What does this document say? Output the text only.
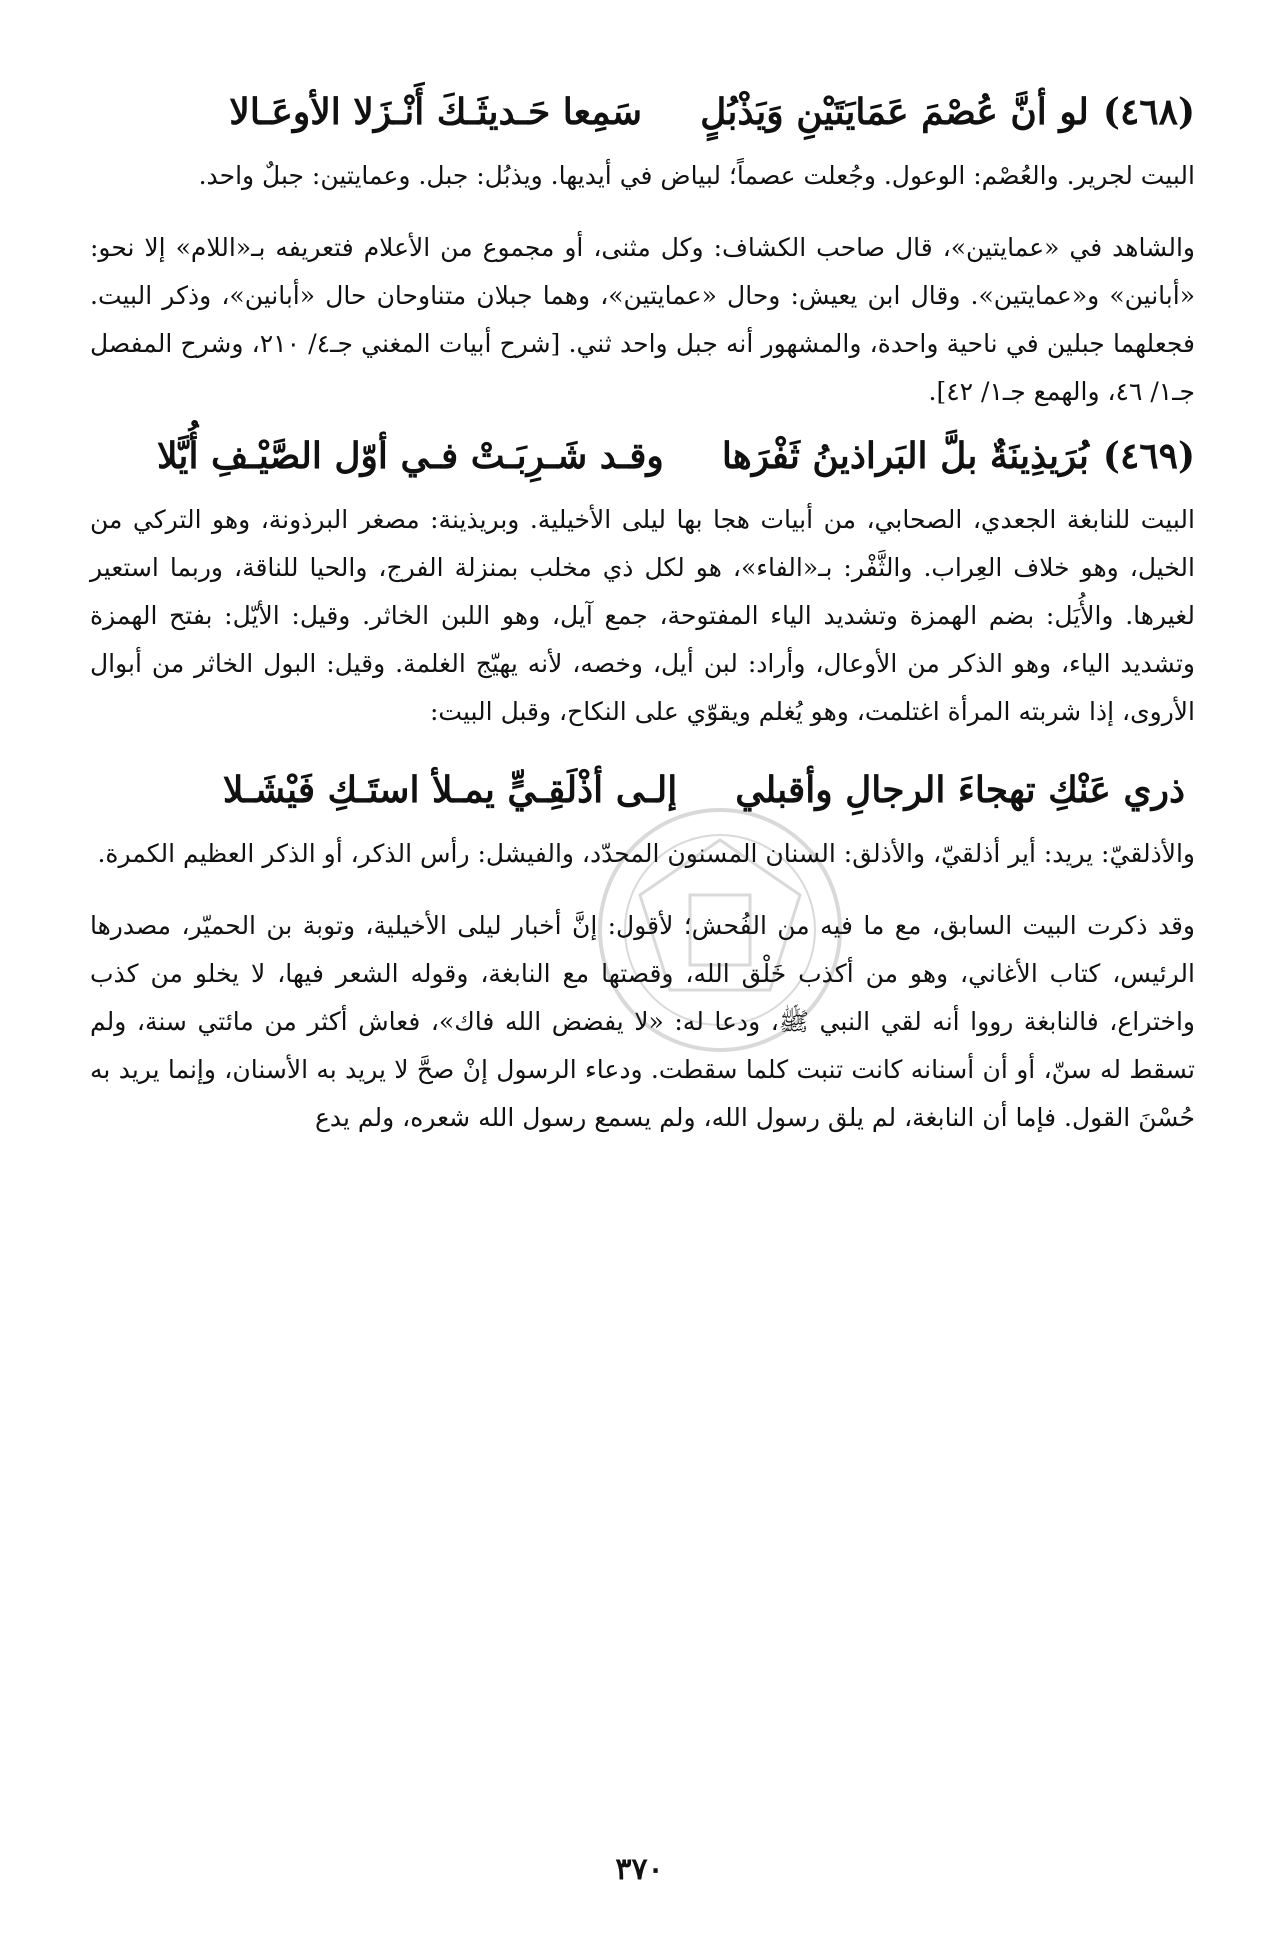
(٤٦٨)
لو أنَّ عُصْمَ عَمَايَتَيْنِ وَيَذْبُلٍ
سَمِعا حَـديثَـكَ أَنْـزَلا الأوعَـالا

البيت لجرير. والعُصْم: الوعول. وجُعلت عصماً؛ لبياض في أيديها. ويذبُل: جبل. وعمايتين: جبلٌ واحد.

والشاهد في «عمايتين»، قال صاحب الكشاف: وكل مثنى، أو مجموع من الأعلام فتعريفه بـ«اللام» إلا نحو: «أبانين» و«عمايتين». وقال ابن يعيش: وحال «عمايتين»، وهما جبلان متناوحان حال «أبانين»، وذكر البيت. فجعلهما جبلين في ناحية واحدة، والمشهور أنه جبل واحد ثني. [شرح أبيات المغني جـ٤/ ٢١٠، وشرح المفصل جـ١/ ٤٦، والهمع جـ١/ ٤٢].

(٤٦٩)
بُرَيذِينَةٌ بلَّ البَراذينُ ثَفْرَها
وقـد شَـرِبَـتْ فـي أوّل الصَّيْـفِ أُيَّلا

البيت للنابغة الجعدي، الصحابي، من أبيات هجا بها ليلى الأخيلية. وبريذينة: مصغر البرذونة، وهو التركي من الخيل، وهو خلاف العِراب. والثَّفْر: بـ«الفاء»، هو لكل ذي مخلب بمنزلة الفرج، والحيا للناقة، وربما استعير لغيرها. والأُيَل: بضم الهمزة وتشديد الياء المفتوحة، جمع آيل، وهو اللبن الخاثر. وقيل: الأيّل: بفتح الهمزة وتشديد الياء، وهو الذكر من الأوعال، وأراد: لبن أيل، وخصه، لأنه يهيّج الغلمة. وقيل: البول الخاثر من أبوال الأروى، إذا شربته المرأة اغتلمت، وهو يُغلم ويقوّي على النكاح، وقبل البيت:

ذري عَنْكِ تهجاءَ الرجالِ وأقبلي
إلـى أذْلَقِـيٍّ يمـلأ استَـكِ فَيْشَـلا

والأذلقيّ: يريد: أير أذلقيّ، والأذلق: السنان المسنون المحدّد، والفيشل: رأس الذكر، أو الذكر العظيم الكمرة.

وقد ذكرت البيت السابق، مع ما فيه من الفُحش؛ لأقول: إنَّ أخبار ليلى الأخيلية، وتوبة بن الحميّر، مصدرها الرئيس، كتاب الأغاني، وهو من أكذب خَلْق الله، وقصتها مع النابغة، وقوله الشعر فيها، لا يخلو من كذب واختراع، فالنابغة رووا أنه لقي النبي ﷺ، ودعا له: «لا يفضض الله فاك»، فعاش أكثر من مائتي سنة، ولم تسقط له سنّ، أو أن أسنانه كانت تنبت كلما سقطت. ودعاء الرسول إنْ صحَّ لا يريد به الأسنان، وإنما يريد به حُسْنَ القول. فإما أن النابغة، لم يلق رسول الله، ولم يسمع رسول الله شعره، ولم يدع

٣٧٠
